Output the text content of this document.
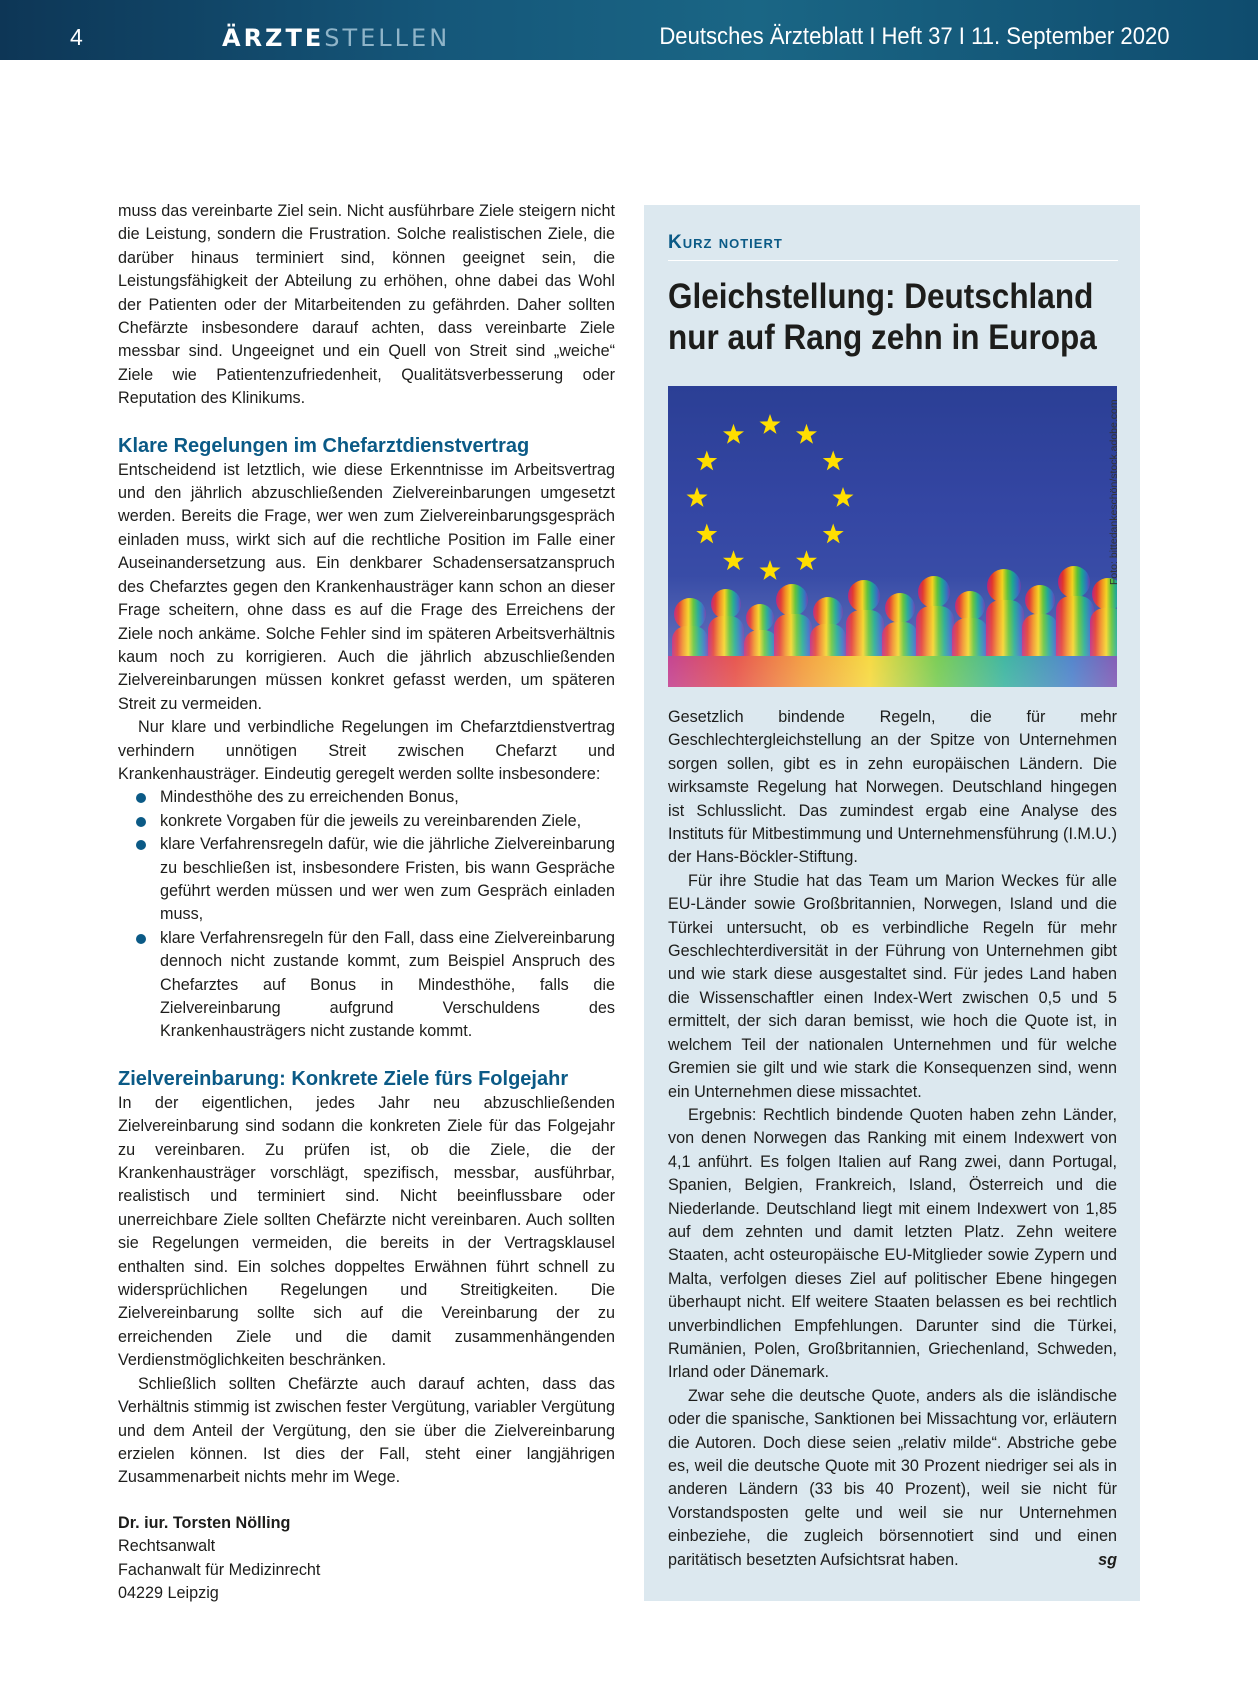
4	ÄRZTESTELLEN	Deutsches Ärzteblatt I Heft 37 I 11. September 2020

muss das vereinbarte Ziel sein. Nicht ausführbare Ziele steigern nicht die Leistung, sondern die Frustration. Solche realistischen Ziele, die darüber hinaus terminiert sind, können geeignet sein, die Leistungsfähigkeit der Abteilung zu erhöhen, ohne dabei das Wohl der Patienten oder der Mitarbeitenden zu gefährden. Daher sollten Chefärzte insbesondere darauf achten, dass vereinbarte Ziele messbar sind. Ungeeignet und ein Quell von Streit sind „weiche“ Ziele wie Patientenzufriedenheit, Qualitätsverbesserung oder Reputation des Klinikums.

Klare Regelungen im Chefarztdienstvertrag

Entscheidend ist letztlich, wie diese Erkenntnisse im Arbeitsvertrag und den jährlich abzuschließenden Zielvereinbarungen umgesetzt werden. Bereits die Frage, wer wen zum Zielvereinbarungsgespräch einladen muss, wirkt sich auf die rechtliche Position im Falle einer Auseinandersetzung aus. Ein denkbarer Schadensersatzanspruch des Chefarztes gegen den Krankenhausträger kann schon an dieser Frage scheitern, ohne dass es auf die Frage des Erreichens der Ziele noch ankäme. Solche Fehler sind im späteren Arbeitsverhältnis kaum noch zu korrigieren. Auch die jährlich abzuschließenden Zielvereinbarungen müssen konkret gefasst werden, um späteren Streit zu vermeiden.

Nur klare und verbindliche Regelungen im Chefarztdienstvertrag verhindern unnötigen Streit zwischen Chefarzt und Krankenhausträger. Eindeutig geregelt werden sollte insbesondere:

Mindesthöhe des zu erreichenden Bonus,
konkrete Vorgaben für die jeweils zu vereinbarenden Ziele,
klare Verfahrensregeln dafür, wie die jährliche Zielvereinbarung zu beschließen ist, insbesondere Fristen, bis wann Gespräche geführt werden müssen und wer wen zum Gespräch einladen muss,
klare Verfahrensregeln für den Fall, dass eine Zielvereinbarung dennoch nicht zustande kommt, zum Beispiel Anspruch des Chefarztes auf Bonus in Mindesthöhe, falls die Zielvereinbarung aufgrund Verschuldens des Krankenhausträgers nicht zustande kommt.
Zielvereinbarung: Konkrete Ziele fürs Folgejahr

In der eigentlichen, jedes Jahr neu abzuschließenden Zielvereinbarung sind sodann die konkreten Ziele für das Folgejahr zu vereinbaren. Zu prüfen ist, ob die Ziele, die der Krankenhausträger vorschlägt, spezifisch, messbar, ausführbar, realistisch und terminiert sind. Nicht beeinflussbare oder unerreichbare Ziele sollten Chefärzte nicht vereinbaren. Auch sollten sie Regelungen vermeiden, die bereits in der Vertragsklausel enthalten sind. Ein solches doppeltes Erwähnen führt schnell zu widersprüchlichen Regelungen und Streitigkeiten. Die Zielvereinbarung sollte sich auf die Vereinbarung der zu erreichenden Ziele und die damit zusammenhängenden Verdienstmöglichkeiten beschränken.

Schließlich sollten Chefärzte auch darauf achten, dass das Verhältnis stimmig ist zwischen fester Vergütung, variabler Vergütung und dem Anteil der Vergütung, den sie über die Zielvereinbarung erzielen können. Ist dies der Fall, steht einer langjährigen Zusammenarbeit nichts mehr im Wege.

Dr. iur. Torsten Nölling
Rechtsanwalt
Fachanwalt für Medizinrecht
04229 Leipzig
Kurz notiert
Gleichstellung: Deutschland
nur auf Rang zehn in Europa
Foto: bittedankeschön/stock.adobe.com

Gesetzlich bindende Regeln, die für mehr Geschlechtergleichstellung an der Spitze von Unternehmen sorgen sollen, gibt es in zehn europäischen Ländern. Die wirksamste Regelung hat Norwegen. Deutschland hingegen ist Schlusslicht. Das zumindest ergab eine Analyse des Instituts für Mitbestimmung und Unternehmensführung (I.M.U.) der Hans-Böckler-Stiftung.

Für ihre Studie hat das Team um Marion Weckes für alle EU-Länder sowie Großbritannien, Norwegen, Island und die Türkei untersucht, ob es verbindliche Regeln für mehr Geschlechterdiversität in der Führung von Unternehmen gibt und wie stark diese ausgestaltet sind. Für jedes Land haben die Wissenschaftler einen Index-Wert zwischen 0,5 und 5 ermittelt, der sich daran bemisst, wie hoch die Quote ist, in welchem Teil der nationalen Unternehmen und für welche Gremien sie gilt und wie stark die Konsequenzen sind, wenn ein Unternehmen diese missachtet.

Ergebnis: Rechtlich bindende Quoten haben zehn Länder, von denen Norwegen das Ranking mit einem Indexwert von 4,1 anführt. Es folgen Italien auf Rang zwei, dann Portugal, Spanien, Belgien, Frankreich, Island, Österreich und die Niederlande. Deutschland liegt mit einem Indexwert von 1,85 auf dem zehnten und damit letzten Platz. Zehn weitere Staaten, acht osteuropäische EU-Mitglieder sowie Zypern und Malta, verfolgen dieses Ziel auf politischer Ebene hingegen überhaupt nicht. Elf weitere Staaten belassen es bei rechtlich unverbindlichen Empfehlungen. Darunter sind die Türkei, Rumänien, Polen, Großbritannien, Griechenland, Schweden, Irland oder Dänemark.

Zwar sehe die deutsche Quote, anders als die isländische oder die spanische, Sanktionen bei Missachtung vor, erläutern die Autoren. Doch diese seien „relativ milde“. Abstriche gebe es, weil die deutsche Quote mit 30 Prozent niedriger sei als in anderen Ländern (33 bis 40 Prozent), weil sie nicht für Vorstandsposten gelte und weil sie nur Unternehmen einbeziehe, die zugleich börsennotiert sind und einen paritätisch besetzten Aufsichtsrat haben.	sg
